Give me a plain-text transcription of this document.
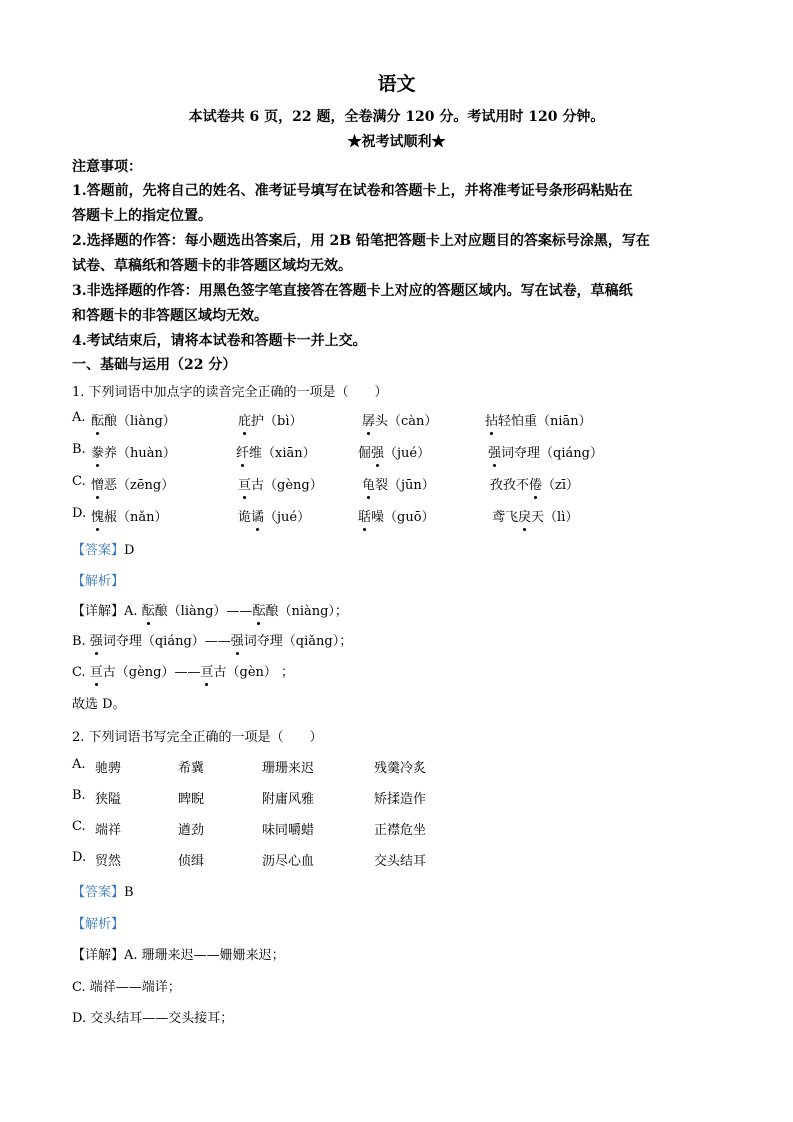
语文
本试卷共 6 页，22 题，全卷满分 120 分。考试用时 120 分钟。
★祝考试顺利★
注意事项：
1.答题前，先将自己的姓名、准考证号填写在试卷和答题卡上，并将准考证号条形码粘贴在
答题卡上的指定位置。
2.选择题的作答：每小题选出答案后，用 2B 铅笔把答题卡上对应题目的答案标号涂黑，写在
试卷、草稿纸和答题卡的非答题区域均无效。
3.非选择题的作答：用黑色签字笔直接答在答题卡上对应的答题区域内。写在试卷，草稿纸
和答题卡的非答题区域均无效。
4.考试结束后，请将本试卷和答题卡一并上交。
一、基础与运用（22 分）
1. 下列词语中加点字的读音完全正确的一项是（　　）
A. 酝酿（liàng）	庇护（bì）	孱头（càn）	拈轻怕重（niān）
B. 豢养（huàn）	纤维（xiān）	倔强（jué）	强词夺理（qiáng）
C. 憎恶（zēng）	亘古（gèng）	龟裂（jūn）	孜孜不倦（zī）
D. 愧赧（nǎn）	诡谲（jué）	聒噪（guō）	鸢飞戾天（lì）
【答案】D
【解析】
【详解】A. 酝酿（liàng）——酝酿（niàng）；
B. 强词夺理（qiáng）——强词夺理（qiǎng）；
C. 亘古（gèng）——亘古（gèn） ；
故选 D。
2. 下列词语书写完全正确的一项是（　　）
A. 驰骋	希冀	珊珊来迟	残羹冷炙
B. 狭隘	睥睨	附庸风雅	矫揉造作
C. 端祥	遒劲	味同嚼蜡	正襟危坐
D. 贸然	侦缉	沥尽心血	交头结耳
【答案】B
【解析】
【详解】A. 珊珊来迟——姗姗来迟；
C. 端祥——端详；
D. 交头结耳——交头接耳；
